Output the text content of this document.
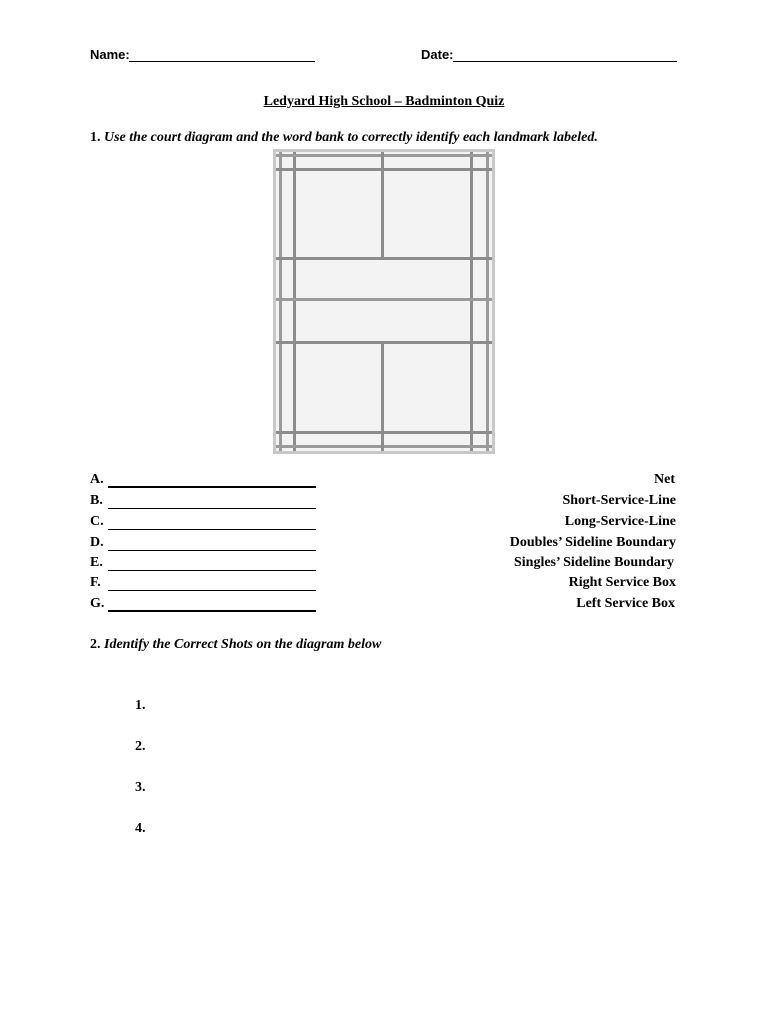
Name:	Date:
Ledyard High School – Badminton Quiz
1. Use the court diagram and the word bank to correctly identify each landmark labeled.
A.
B.
C.
D.
E.
F.
G.
Net
Short-Service-Line
Long-Service-Line
Doubles’ Sideline Boundary
Singles’ Sideline Boundary
Right Service Box
Left Service Box
2. Identify the Correct Shots on the diagram below
1.
2.
3.
4.
